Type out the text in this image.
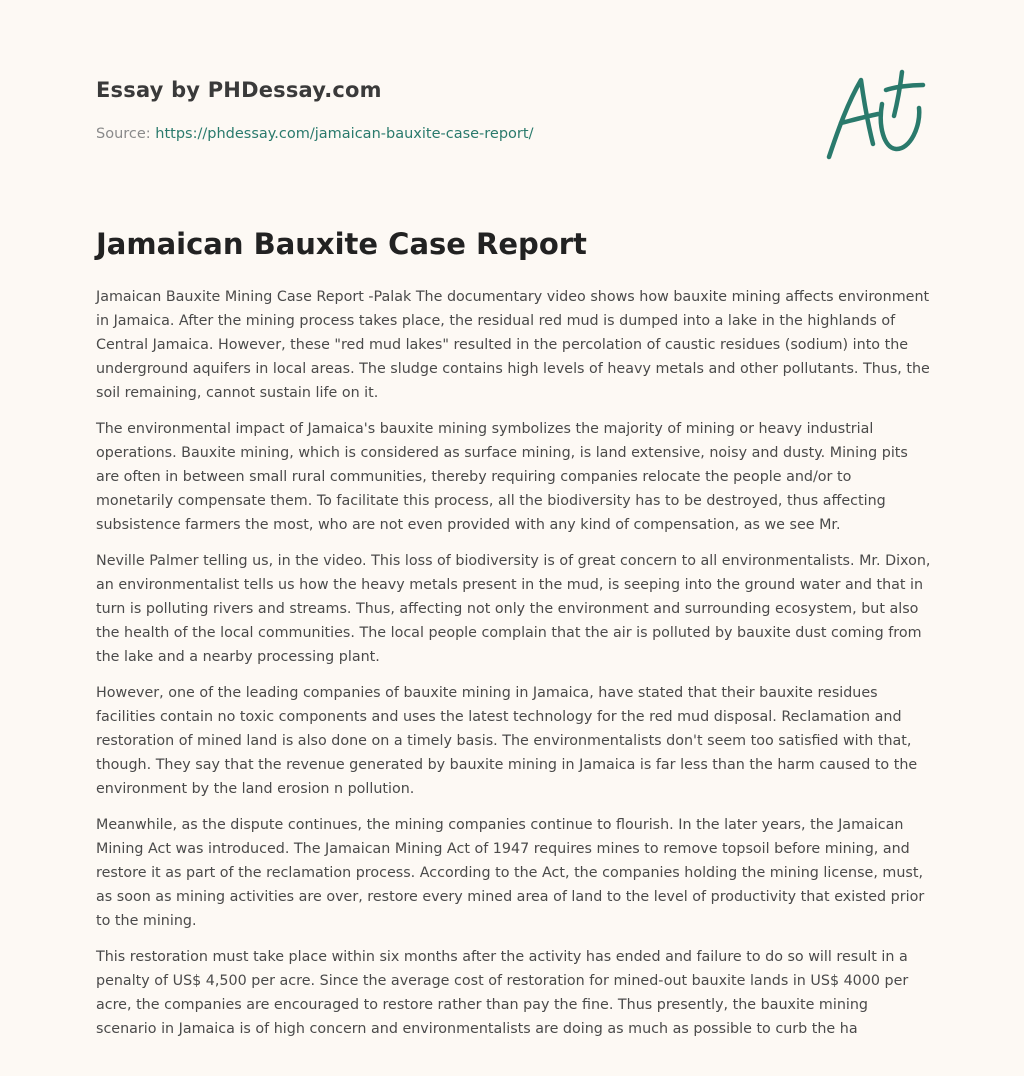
Essay by PHDessay.com
Source: https://phdessay.com/jamaican-bauxite-case-report/
Jamaican Bauxite Case Report

Jamaican Bauxite Mining Case Report -Palak The documentary video shows how bauxite mining affects environment in Jamaica. After the mining process takes place, the residual red mud is dumped into a lake in the highlands of Central Jamaica. However, these "red mud lakes" resulted in the percolation of caustic residues (sodium) into the underground aquifers in local areas. The sludge contains high levels of heavy metals and other pollutants. Thus, the soil remaining, cannot sustain life on it.

The environmental impact of Jamaica's bauxite mining symbolizes the majority of mining or heavy industrial operations. Bauxite mining, which is considered as surface mining, is land extensive, noisy and dusty. Mining pits are often in between small rural communities, thereby requiring companies relocate the people and/or to monetarily compensate them. To facilitate this process, all the biodiversity has to be destroyed, thus affecting subsistence farmers the most, who are not even provided with any kind of compensation, as we see Mr.

Neville Palmer telling us, in the video. This loss of biodiversity is of great concern to all environmentalists. Mr. Dixon, an environmentalist tells us how the heavy metals present in the mud, is seeping into the ground water and that in turn is polluting rivers and streams. Thus, affecting not only the environment and surrounding ecosystem, but also the health of the local communities. The local people complain that the air is polluted by bauxite dust coming from the lake and a nearby processing plant.

However, one of the leading companies of bauxite mining in Jamaica, have stated that their bauxite residues facilities contain no toxic components and uses the latest technology for the red mud disposal. Reclamation and restoration of mined land is also done on a timely basis. The environmentalists don't seem too satisfied with that, though. They say that the revenue generated by bauxite mining in Jamaica is far less than the harm caused to the environment by the land erosion n pollution.

Meanwhile, as the dispute continues, the mining companies continue to flourish. In the later years, the Jamaican Mining Act was introduced. The Jamaican Mining Act of 1947 requires mines to remove topsoil before mining, and restore it as part of the reclamation process. According to the Act, the companies holding the mining license, must, as soon as mining activities are over, restore every mined area of land to the level of productivity that existed prior to the mining.

This restoration must take place within six months after the activity has ended and failure to do so will result in a penalty of US$ 4,500 per acre. Since the average cost of restoration for mined-out bauxite lands in US$ 4000 per acre, the companies are encouraged to restore rather than pay the fine. Thus presently, the bauxite mining scenario in Jamaica is of high concern and environmentalists are doing as much as possible to curb the ha
